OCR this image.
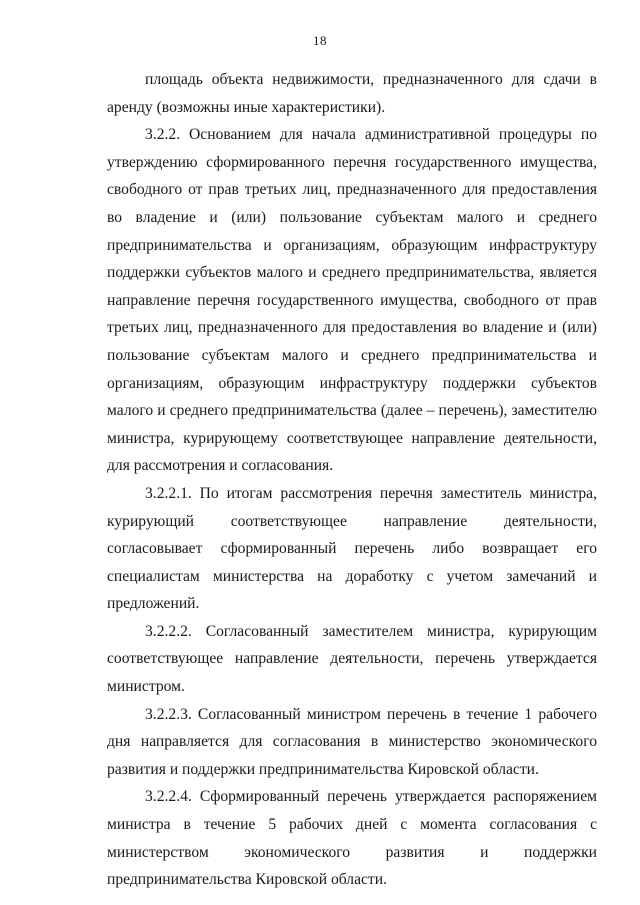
18

площадь объекта недвижимости, предназначенного для сдачи в аренду (возможны иные характеристики).

3.2.2. Основанием для начала административной процедуры по утверждению сформированного перечня государственного имущества, свободного от прав третьих лиц, предназначенного для предоставления во владение и (или) пользование субъектам малого и среднего предпринимательства и организациям, образующим инфраструктуру поддержки субъектов малого и среднего предпринимательства, является направление перечня государственного имущества, свободного от прав третьих лиц, предназначенного для предоставления во владение и (или) пользование субъектам малого и среднего предпринимательства и организациям, образующим инфраструктуру поддержки субъектов малого и среднего предпринимательства (далее – перечень), заместителю министра, курирующему соответствующее направление деятельности, для рассмотрения и согласования.

3.2.2.1. По итогам рассмотрения перечня заместитель министра, курирующий соответствующее направление деятельности, согласовывает сформированный перечень либо возвращает его специалистам министерства на доработку с учетом замечаний и предложений.

3.2.2.2. Согласованный заместителем министра, курирующим соответствующее направление деятельности, перечень утверждается министром.

3.2.2.3. Согласованный министром перечень в течение 1 рабочего дня направляется для согласования в министерство экономического развития и поддержки предпринимательства Кировской области.

3.2.2.4. Сформированный перечень утверждается распоряжением министра в течение 5 рабочих дней с момента согласования с министерством экономического развития и поддержки предпринимательства Кировской области.
